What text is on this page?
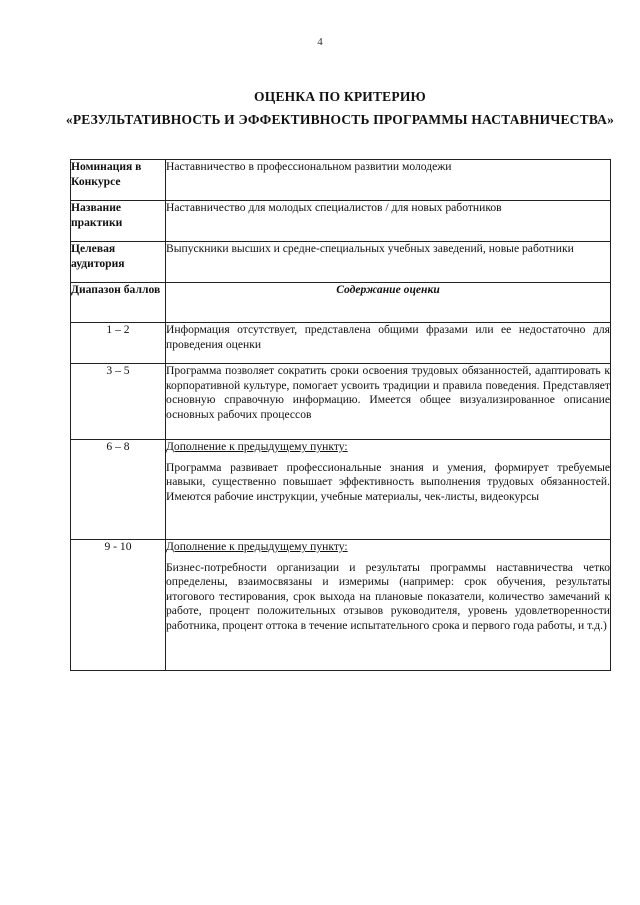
4
ОЦЕНКА ПО КРИТЕРИЮ
«РЕЗУЛЬТАТИВНОСТЬ И ЭФФЕКТИВНОСТЬ ПРОГРАММЫ НАСТАВНИЧЕСТВА»
Номинация в Конкурсе	Наставничество в профессиональном развитии молодежи
Название практики	Наставничество для молодых специалистов / для новых работников
Целевая аудитория	Выпускники высших и средне-специальных учебных заведений, новые работники
Диапазон баллов	Содержание оценки

1 – 2	Информация отсутствует, представлена общими фразами или ее недостаточно для проведения оценки

3 – 5	Программа позволяет сократить сроки освоения трудовых обязанностей, адаптировать к корпоративной культуре, помогает усвоить традиции и правила поведения. Представляет основную справочную информацию. Имеется общее визуализированное описание основных рабочих процессов

6 – 8	Дополнение к предыдущему пункту:
Программа развивает профессиональные знания и умения, формирует требуемые навыки, существенно повышает эффективность выполнения трудовых обязанностей. Имеются рабочие инструкции, учебные материалы, чек-листы, видеокурсы

9 - 10	Дополнение к предыдущему пункту:
Бизнес-потребности организации и результаты программы наставничества четко определены, взаимосвязаны и измеримы (например: срок обучения, результаты итогового тестирования, срок выхода на плановые показатели, количество замечаний к работе, процент положительных отзывов руководителя, уровень удовлетворенности работника, процент оттока в течение испытательного срока и первого года работы, и т.д.)
